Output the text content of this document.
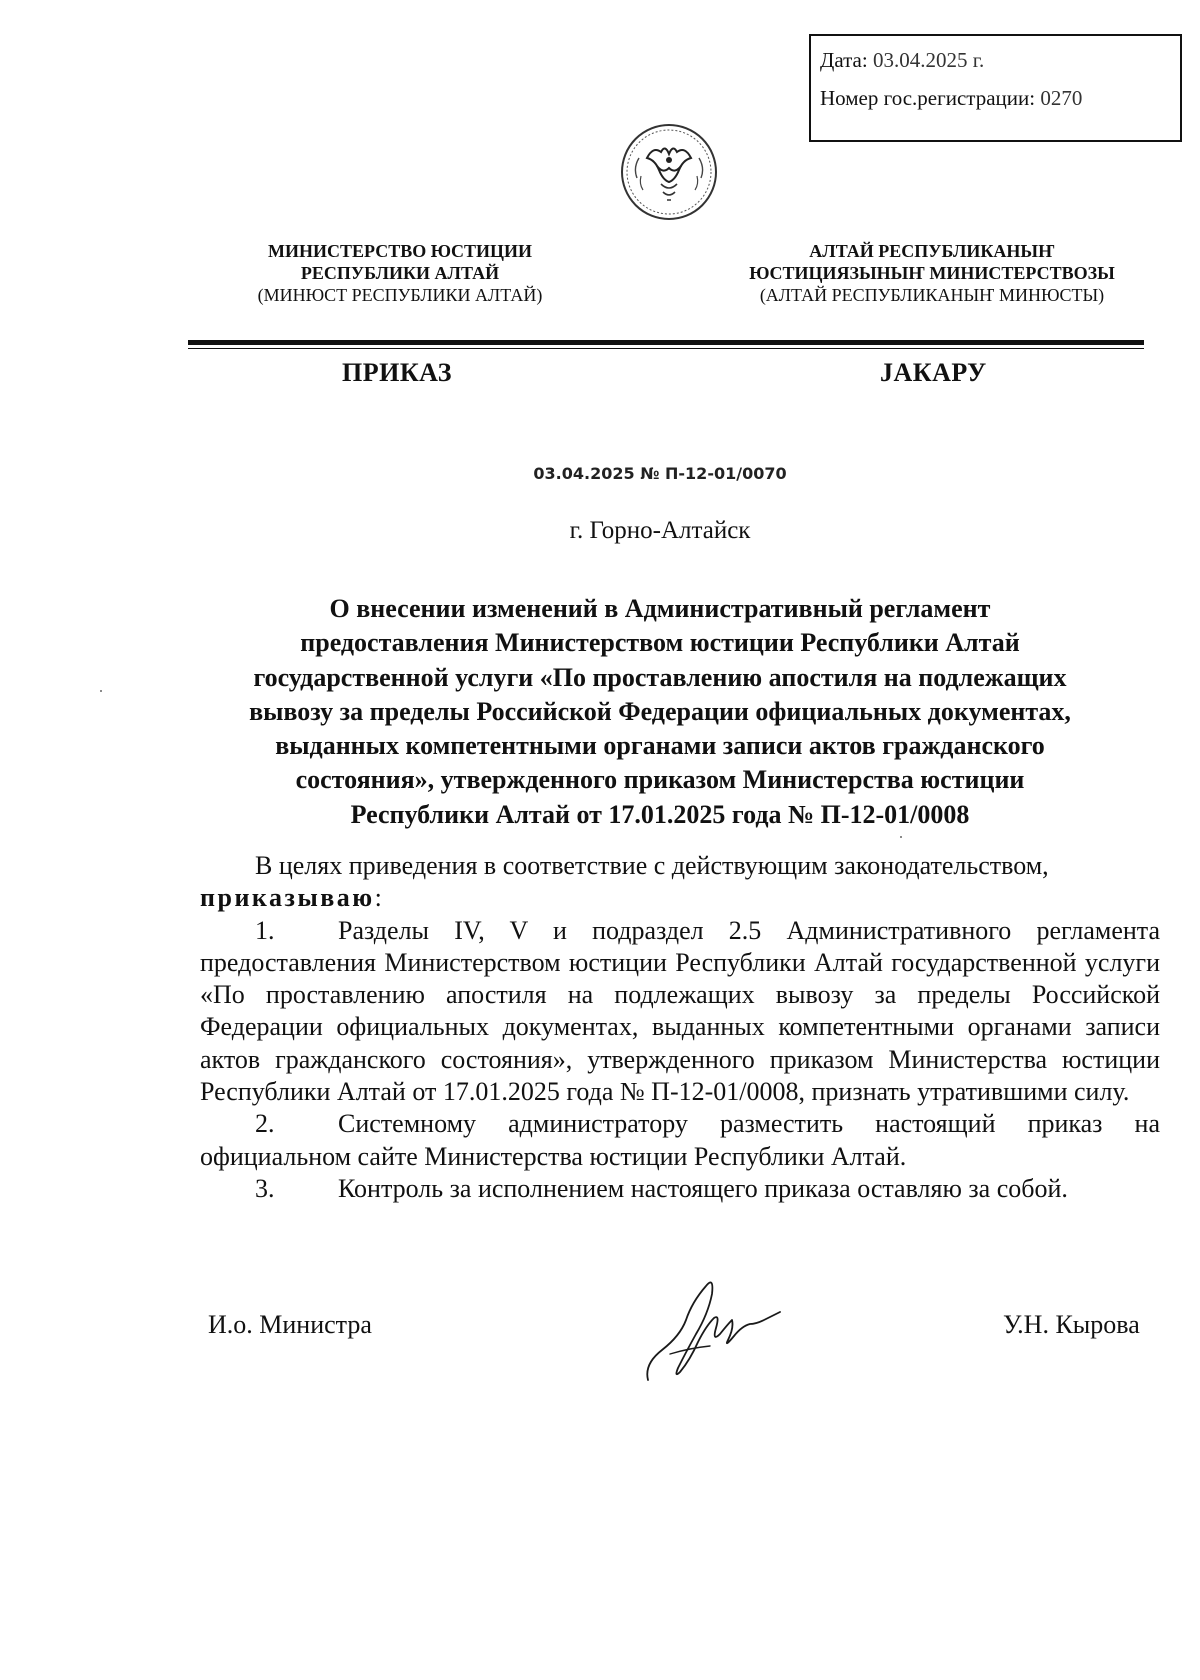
Дата: 03.04.2025 г.
Номер гос.регистрации: 0270
МИНИСТЕРСТВО ЮСТИЦИИ
РЕСПУБЛИКИ АЛТАЙ
(МИНЮСТ РЕСПУБЛИКИ АЛТАЙ)
АЛТАЙ РЕСПУБЛИКАНЫҤ
ЮСТИЦИЯЗЫНЫҤ МИНИСТЕРСТВОЗЫ
(АЛТАЙ РЕСПУБЛИКАНЫҤ МИНЮСТЫ)
ПРИКАЗ	JАКАРУ
03.04.2025 № П-12-01/0070
г. Горно-Алтайск
О внесении изменений в Административный регламент
предоставления Министерством юстиции Республики Алтай
государственной услуги «По проставлению апостиля на подлежащих
вывозу за пределы Российской Федерации официальных документах,
выданных компетентными органами записи актов гражданского
состояния», утвержденного приказом Министерства юстиции
Республики Алтай от 17.01.2025 года № П-12-01/0008
В целях приведения в соответствие с действующим законодательством,
приказываю:
1. Разделы IV, V и подраздел 2.5 Административного регламента предоставления Министерством юстиции Республики Алтай государственной услуги «По проставлению апостиля на подлежащих вывозу за пределы Российской Федерации официальных документах, выданных компетентными органами записи актов гражданского состояния», утвержденного приказом Министерства юстиции Республики Алтай от 17.01.2025 года № П-12-01/0008, признать утратившими силу.
2. Системному администратору разместить настоящий приказ на официальном сайте Министерства юстиции Республики Алтай.
3. Контроль за исполнением настоящего приказа оставляю за собой.
И.о. Министра	У.Н. Кырова
